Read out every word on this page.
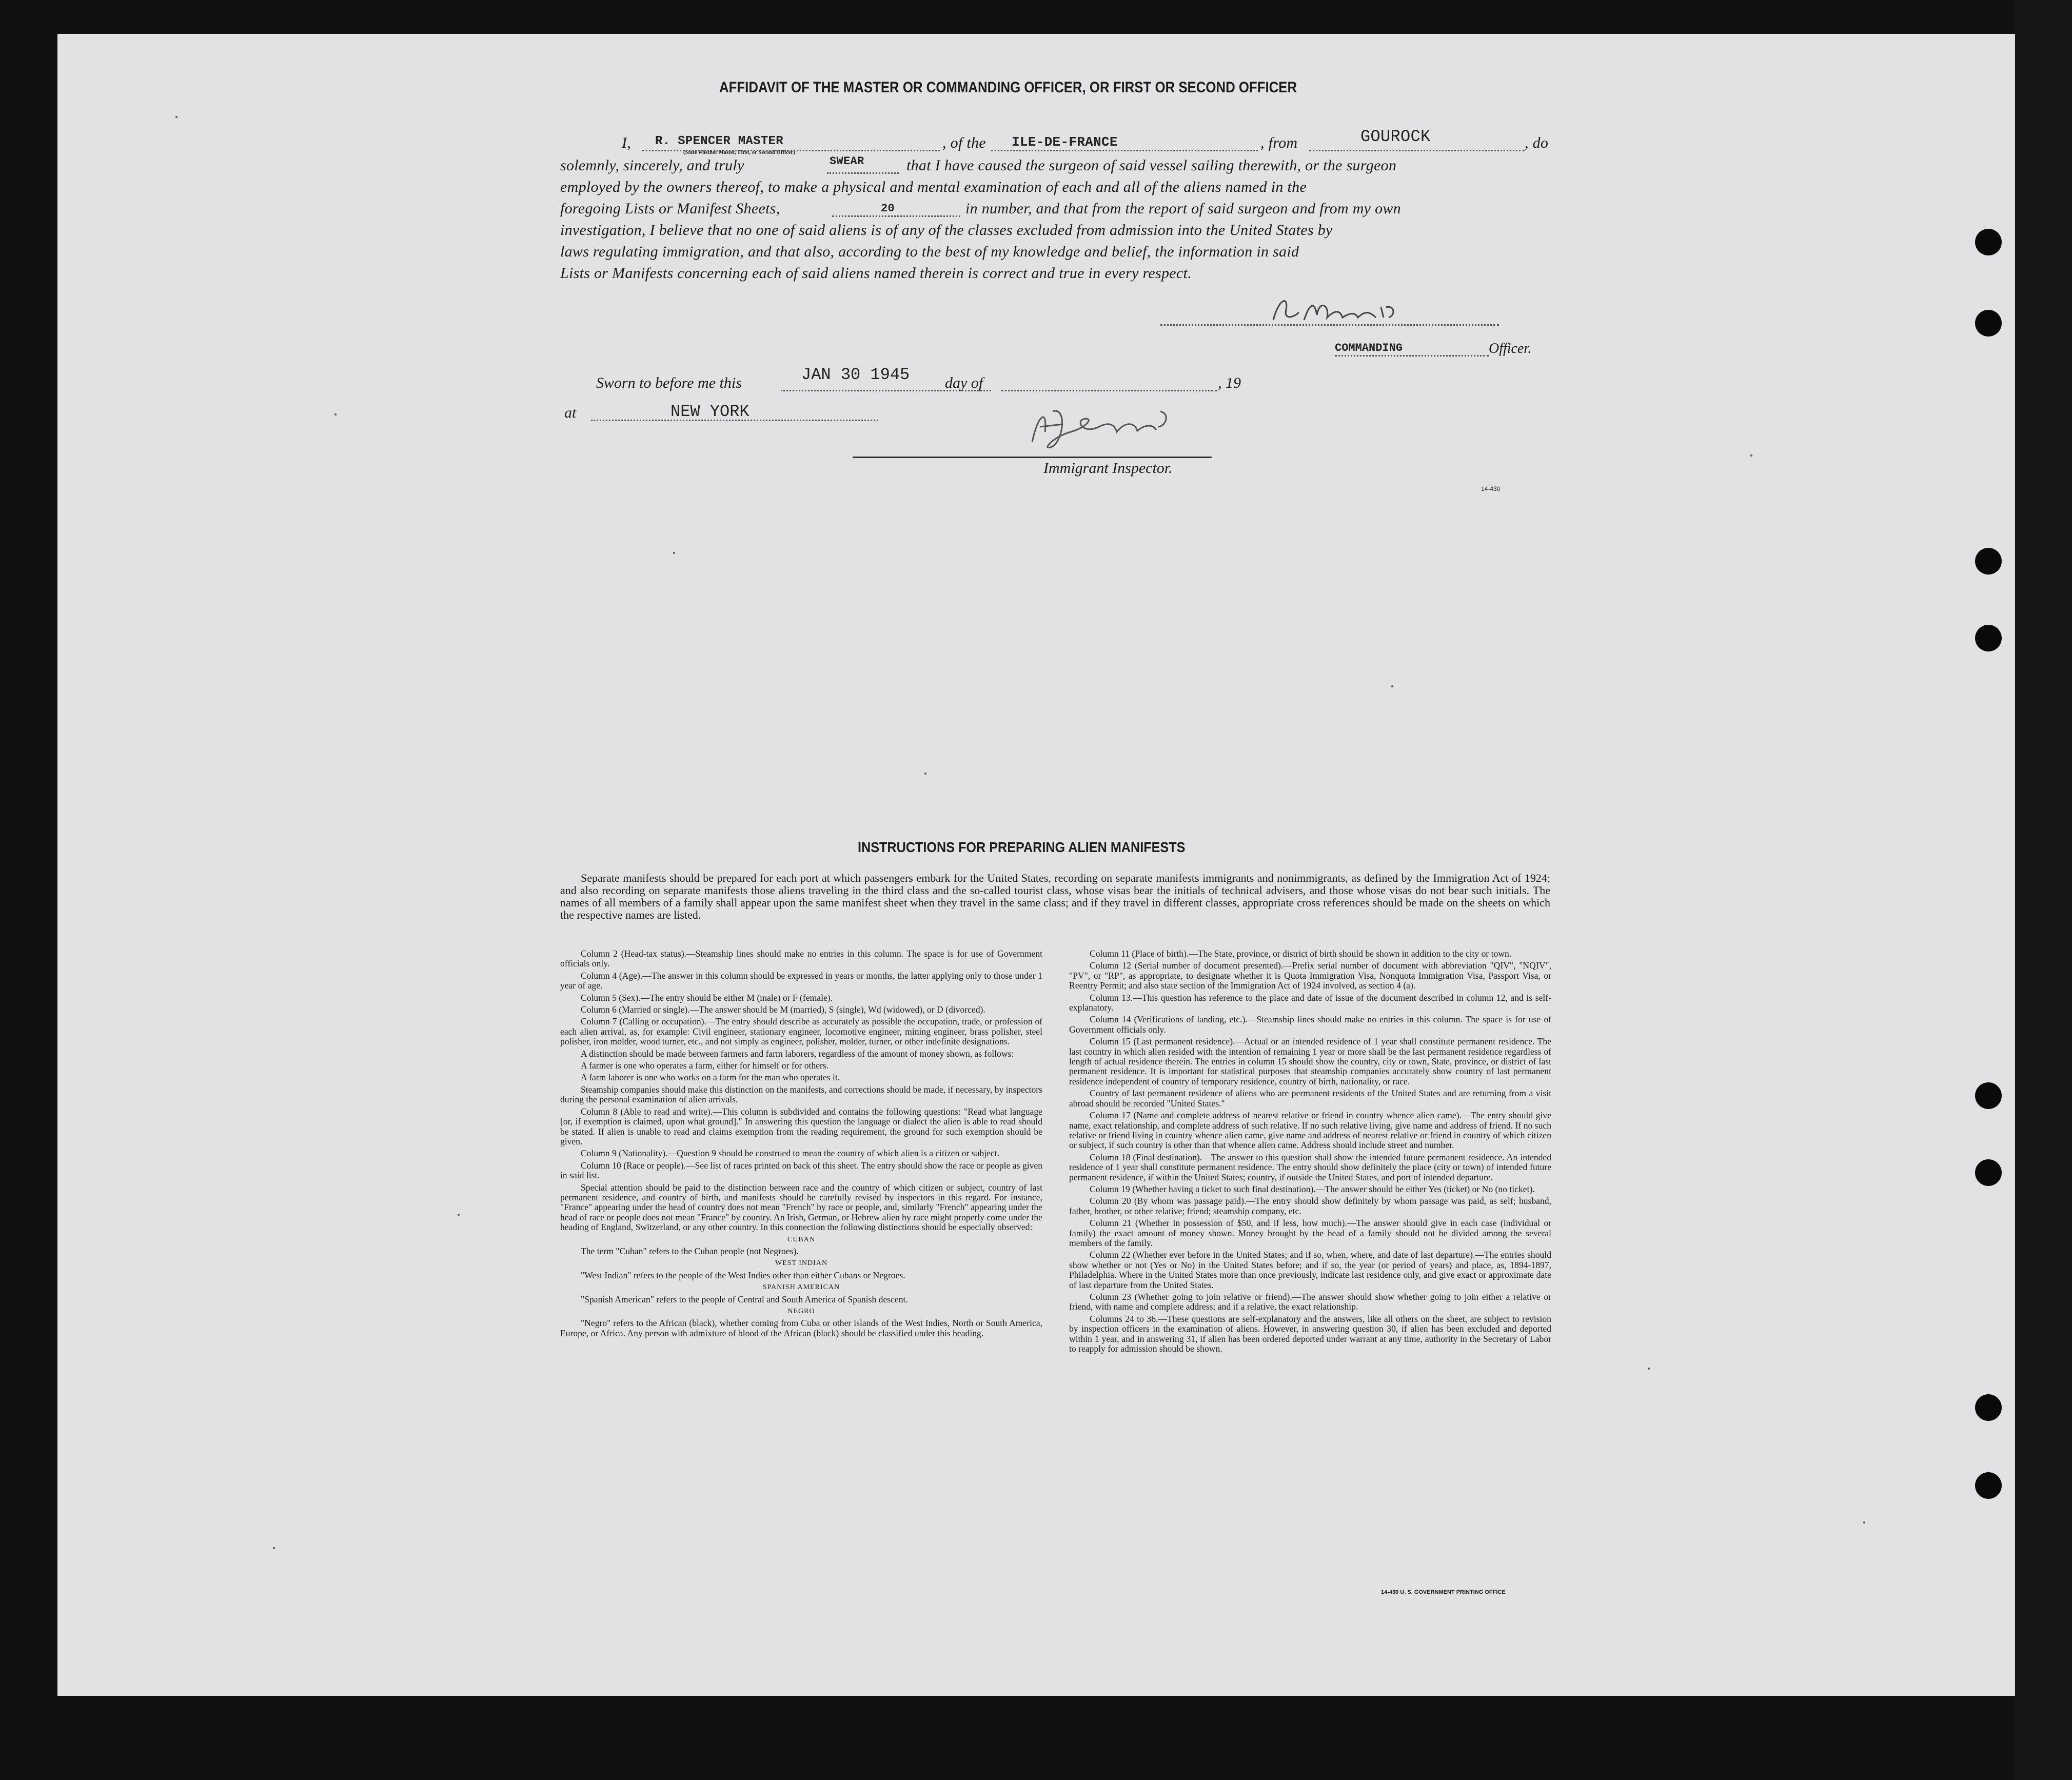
AFFIDAVIT OF THE MASTER OR COMMANDING OFFICER, OR FIRST OR SECOND OFFICER
I, R. SPENCER MASTER
(State whether Master, First, or Second Officer)
, of the ILE-DE-FRANCE	, from	GOUROCK	, do
solemnly, sincerely, and truly	SWEAR	that I have caused the surgeon of said vessel sailing therewith, or the surgeon
employed by the owners thereof, to make a physical and mental examination of each and all of the aliens named in the
foregoing Lists or Manifest Sheets,	20	in number, and that from the report of said surgeon and from my own
investigation, I believe that no one of said aliens is of any of the classes excluded from admission into the United States by
laws regulating immigration, and that also, according to the best of my knowledge and belief, the information in said
Lists or Manifests concerning each of said aliens named therein is correct and true in every respect.
COMMANDING	Officer.
Sworn to before me this	JAN 30 1945 day of	, 19
at	NEW YORK
Immigrant Inspector.
14-430
INSTRUCTIONS FOR PREPARING ALIEN MANIFESTS

Separate manifests should be prepared for each port at which passengers embark for the United States, recording on separate manifests immigrants and nonimmigrants, as defined by the Immigration Act of 1924; and also recording on separate manifests those aliens traveling in the third class and the so-called tourist class, whose visas bear the initials of technical advisers, and those whose visas do not bear such initials. The names of all members of a family shall appear upon the same manifest sheet when they travel in the same class; and if they travel in different classes, appropriate cross references should be made on the sheets on which the respective names are listed.

Column 2 (Head-tax status).—Steamship lines should make no entries in this column. The space is for use of Government officials only.

Column 4 (Age).—The answer in this column should be expressed in years or months, the latter applying only to those under 1 year of age.

Column 5 (Sex).—The entry should be either M (male) or F (female).

Column 6 (Married or single).—The answer should be M (married), S (single), Wd (widowed), or D (divorced).

Column 7 (Calling or occupation).—The entry should describe as accurately as possible the occupation, trade, or profession of each alien arrival, as, for example: Civil engineer, stationary engineer, locomotive engineer, mining engineer, brass polisher, steel polisher, iron molder, wood turner, etc., and not simply as engineer, polisher, molder, turner, or other indefinite designations.

A distinction should be made between farmers and farm laborers, regardless of the amount of money shown, as follows:

A farmer is one who operates a farm, either for himself or for others.

A farm laborer is one who works on a farm for the man who operates it.

Steamship companies should make this distinction on the manifests, and corrections should be made, if necessary, by inspectors during the personal examination of alien arrivals.

Column 8 (Able to read and write).—This column is subdivided and contains the following questions: "Read what language [or, if exemption is claimed, upon what ground]." In answering this question the language or dialect the alien is able to read should be stated. If alien is unable to read and claims exemption from the reading requirement, the ground for such exemption should be given.

Column 9 (Nationality).—Question 9 should be construed to mean the country of which alien is a citizen or subject.

Column 10 (Race or people).—See list of races printed on back of this sheet. The entry should show the race or people as given in said list.

Special attention should be paid to the distinction between race and the country of which citizen or subject, country of last permanent residence, and country of birth, and manifests should be carefully revised by inspectors in this regard. For instance, "France" appearing under the head of country does not mean "French" by race or people, and, similarly "French" appearing under the head of race or people does not mean "France" by country. An Irish, German, or Hebrew alien by race might properly come under the heading of England, Switzerland, or any other country. In this connection the following distinctions should be especially observed:

CUBAN

The term "Cuban" refers to the Cuban people (not Negroes).

WEST INDIAN

"West Indian" refers to the people of the West Indies other than either Cubans or Negroes.

SPANISH AMERICAN

"Spanish American" refers to the people of Central and South America of Spanish descent.

NEGRO

"Negro" refers to the African (black), whether coming from Cuba or other islands of the West Indies, North or South America, Europe, or Africa. Any person with admixture of blood of the African (black) should be classified under this heading.

Column 11 (Place of birth).—The State, province, or district of birth should be shown in addition to the city or town.

Column 12 (Serial number of document presented).—Prefix serial number of document with abbreviation "QIV", "NQIV", "PV", or "RP", as appropriate, to designate whether it is Quota Immigration Visa, Nonquota Immigration Visa, Passport Visa, or Reentry Permit; and also state section of the Immigration Act of 1924 involved, as section 4 (a).

Column 13.—This question has reference to the place and date of issue of the document described in column 12, and is self-explanatory.

Column 14 (Verifications of landing, etc.).—Steamship lines should make no entries in this column. The space is for use of Government officials only.

Column 15 (Last permanent residence).—Actual or an intended residence of 1 year shall constitute permanent residence. The last country in which alien resided with the intention of remaining 1 year or more shall be the last permanent residence regardless of length of actual residence therein. The entries in column 15 should show the country, city or town, State, province, or district of last permanent residence. It is important for statistical purposes that steamship companies accurately show country of last permanent residence independent of country of temporary residence, country of birth, nationality, or race.

Country of last permanent residence of aliens who are permanent residents of the United States and are returning from a visit abroad should be recorded "United States."

Column 17 (Name and complete address of nearest relative or friend in country whence alien came).—The entry should give name, exact relationship, and complete address of such relative. If no such relative living, give name and address of friend. If no such relative or friend living in country whence alien came, give name and address of nearest relative or friend in country of which citizen or subject, if such country is other than that whence alien came. Address should include street and number.

Column 18 (Final destination).—The answer to this question shall show the intended future permanent residence. An intended residence of 1 year shall constitute permanent residence. The entry should show definitely the place (city or town) of intended future permanent residence, if within the United States; country, if outside the United States, and port of intended departure.

Column 19 (Whether having a ticket to such final destination).—The answer should be either Yes (ticket) or No (no ticket).

Column 20 (By whom was passage paid).—The entry should show definitely by whom passage was paid, as self; husband, father, brother, or other relative; friend; steamship company, etc.

Column 21 (Whether in possession of $50, and if less, how much).—The answer should give in each case (individual or family) the exact amount of money shown. Money brought by the head of a family should not be divided among the several members of the family.

Column 22 (Whether ever before in the United States; and if so, when, where, and date of last departure).—The entries should show whether or not (Yes or No) in the United States before; and if so, the year (or period of years) and place, as, 1894-1897, Philadelphia. Where in the United States more than once previously, indicate last residence only, and give exact or approximate date of last departure from the United States.

Column 23 (Whether going to join relative or friend).—The answer should show whether going to join either a relative or friend, with name and complete address; and if a relative, the exact relationship.

Columns 24 to 36.—These questions are self-explanatory and the answers, like all others on the sheet, are subject to revision by inspection officers in the examination of aliens. However, in answering question 30, if alien has been excluded and deported within 1 year, and in answering 31, if alien has been ordered deported under warrant at any time, authority in the Secretary of Labor to reapply for admission should be shown.

14-430 U. S. GOVERNMENT PRINTING OFFICE
